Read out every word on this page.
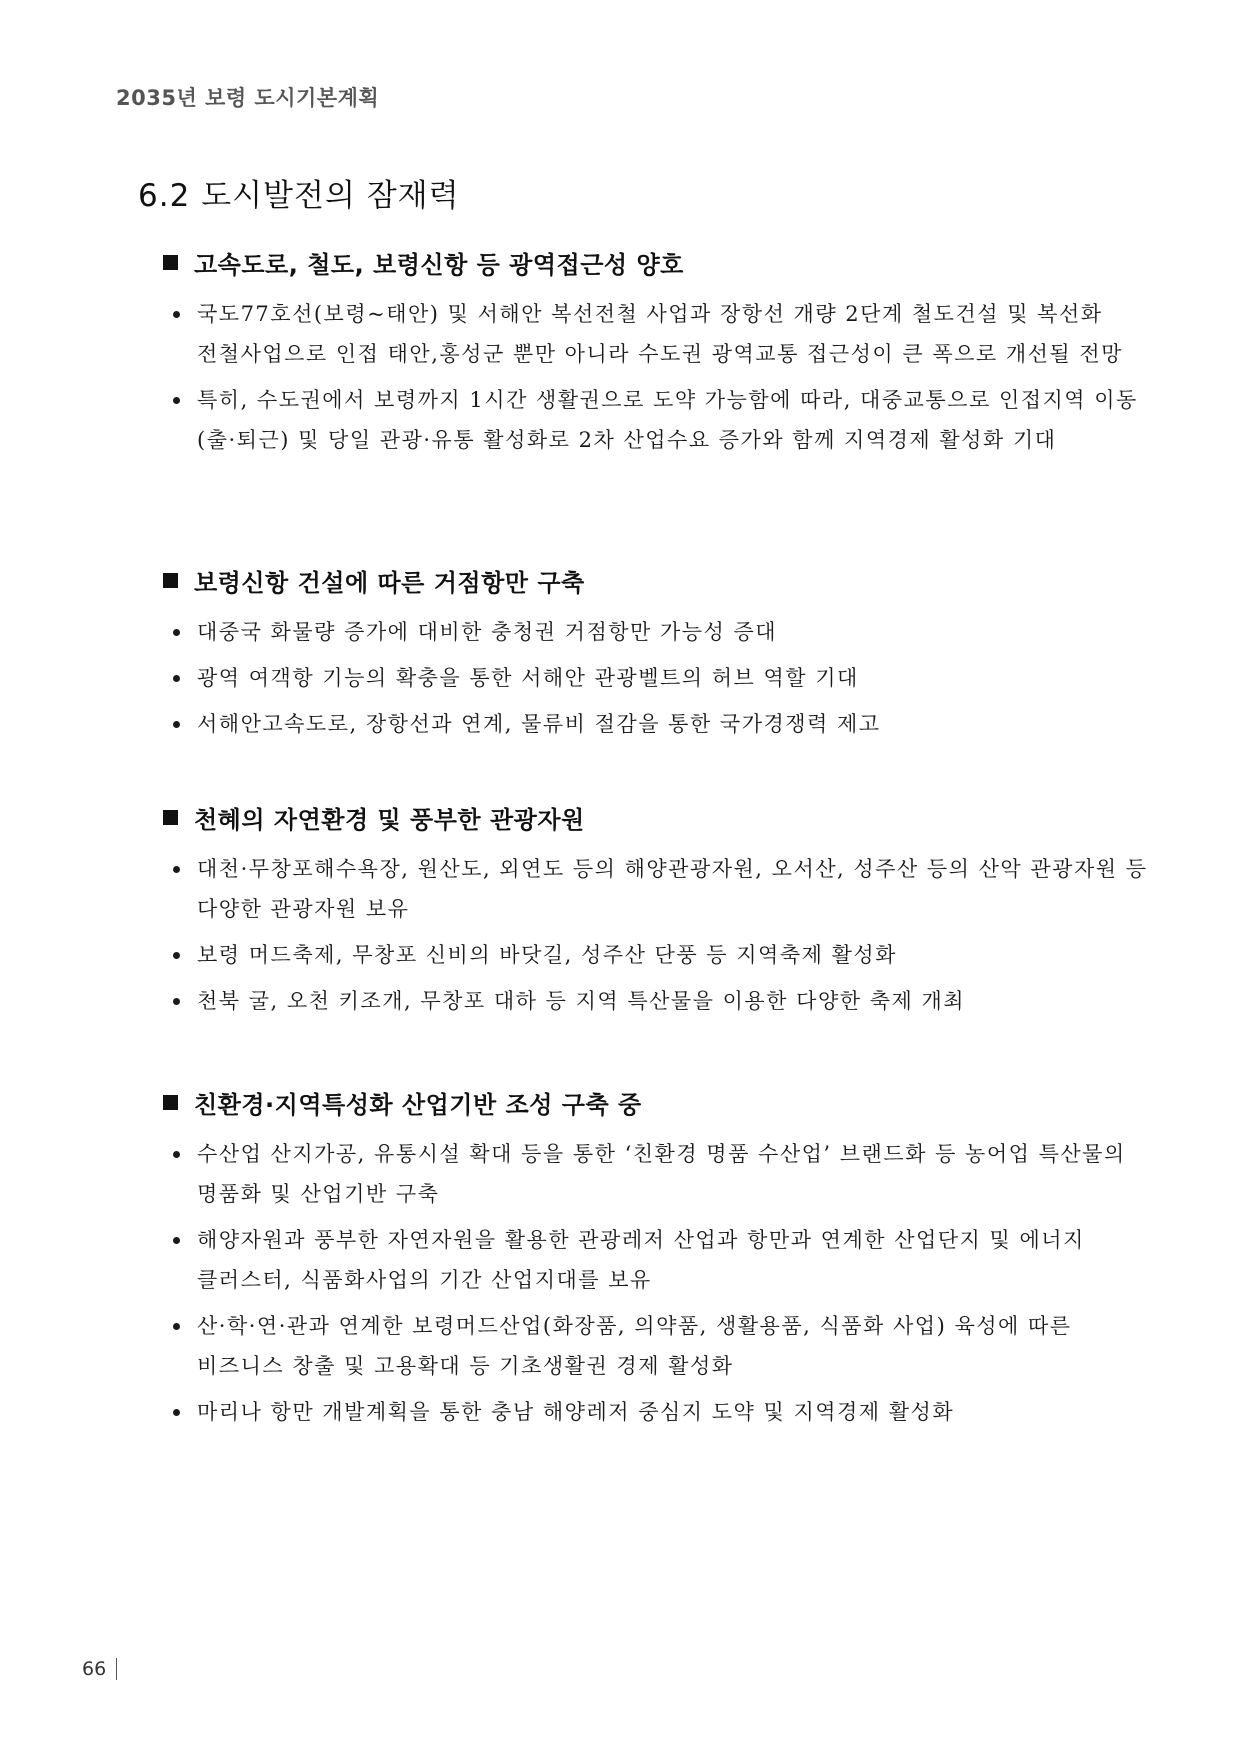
2035년 보령 도시기본계획
6.2 도시발전의 잠재력
고속도로, 철도, 보령신항 등 광역접근성 양호
국도77호선(보령~태안) 및 서해안 복선전철 사업과 장항선 개량 2단계 철도건설 및 복선화 전철사업으로 인접 태안,홍성군 뿐만 아니라 수도권 광역교통 접근성이 큰 폭으로 개선될 전망
특히, 수도권에서 보령까지 1시간 생활권으로 도약 가능함에 따라, 대중교통으로 인접지역 이동(출·퇴근) 및 당일 관광·유통 활성화로 2차 산업수요 증가와 함께 지역경제 활성화 기대
보령신항 건설에 따른 거점항만 구축
대중국 화물량 증가에 대비한 충청권 거점항만 가능성 증대
광역 여객항 기능의 확충을 통한 서해안 관광벨트의 허브 역할 기대
서해안고속도로, 장항선과 연계, 물류비 절감을 통한 국가경쟁력 제고
천혜의 자연환경 및 풍부한 관광자원
대천·무창포해수욕장, 원산도, 외연도 등의 해양관광자원, 오서산, 성주산 등의 산악 관광자원 등 다양한 관광자원 보유
보령 머드축제, 무창포 신비의 바닷길, 성주산 단풍 등 지역축제 활성화
천북 굴, 오천 키조개, 무창포 대하 등 지역 특산물을 이용한 다양한 축제 개최
친환경·지역특성화 산업기반 조성 구축 중
수산업 산지가공, 유통시설 확대 등을 통한 ‘친환경 명품 수산업’ 브랜드화 등 농어업 특산물의 명품화 및 산업기반 구축
해양자원과 풍부한 자연자원을 활용한 관광레저 산업과 항만과 연계한 산업단지 및 에너지 클러스터, 식품화사업의 기간 산업지대를 보유
산·학·연·관과 연계한 보령머드산업(화장품, 의약품, 생활용품, 식품화 사업) 육성에 따른 비즈니스 창출 및 고용확대 등 기초생활권 경제 활성화
마리나 항만 개발계획을 통한 충남 해양레저 중심지 도약 및 지역경제 활성화
66
